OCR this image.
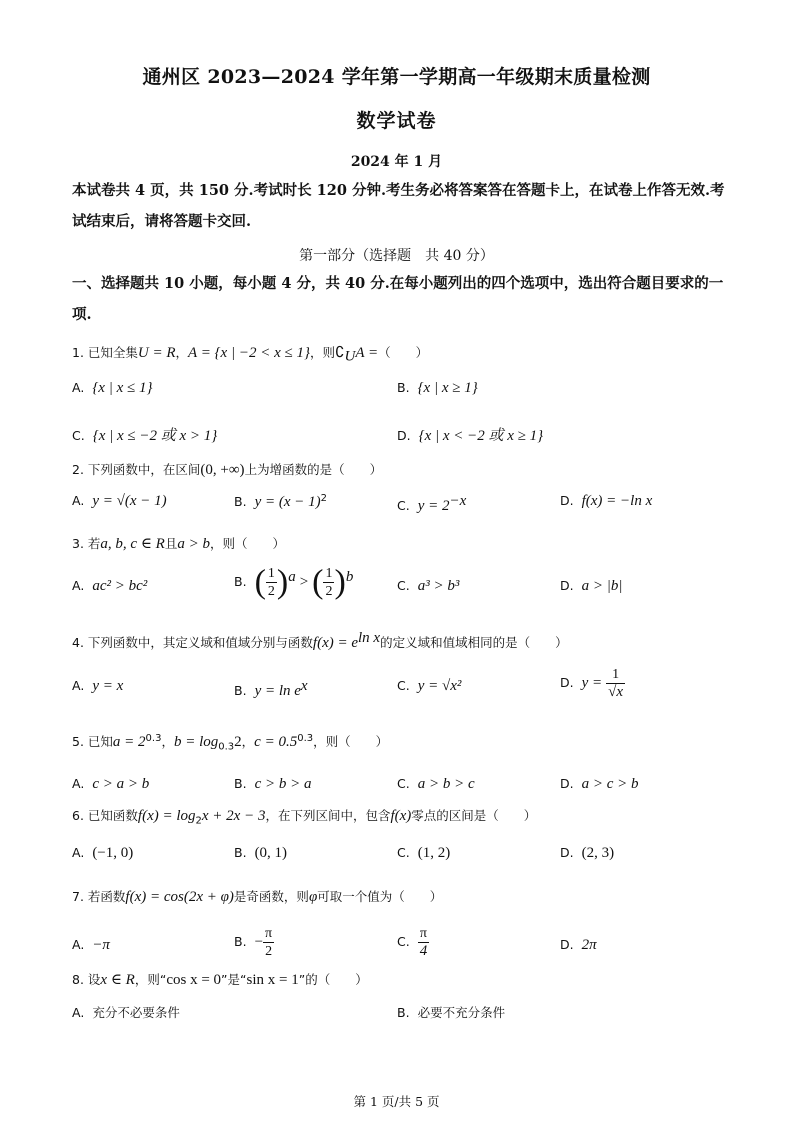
通州区 2023—2024 学年第一学期高一年级期末质量检测
数学试卷
2024 年 1 月

本试卷共 4 页，共 150 分.考试时长 120 分钟.考生务必将答案答在答题卡上，在试卷上作答无效.考试结束后，请将答题卡交回.

第一部分（选择题　共 40 分）

一、选择题共 10 小题，每小题 4 分，共 40 分.在每小题列出的四个选项中，选出符合题目要求的一项.

1. 已知全集U = R，A = {x | −2 < x ≤ 1}，则$∁_UA$ =（　　）
A. {x | x ≤ 1}	B. {x | x ≥ 1}
C. {x | x ≤ −2 或 x > 1}	D. {x | x < −2 或 x ≥ 1}
2. 下列函数中，在区间(0, +∞)上为增函数的是（　　）
A. y = √(x − 1)	B. $y = (x - 1)^2$	C. $y = 2^{-x}$	D. f(x) = −ln x
3. 若a, b, c ∈ R且a > b，则（　　）
A. ac² > bc²	B. ( $\frac{1}{2} )^a$ > ( $\frac{1}{2} )^b$
C. a³ > b³	D. a > |b|
4. 下列函数中，其定义域和值域分别与函数$f(x) = e^{ln x}$的定义域和值域相同的是（　　）
A. y = x	B. $y = \ln e^x$	C. y = √x²	D. $y = \frac{1}{√x}$
5. 已知$a = 2^{0.3}$，$b = \log_{0.3}2$，$c = 0.5^{0.3}$，则（　　）
A. c > a > b	B. c > b > a	C. a > b > c	D. a > c > b
6. 已知函数$f(x) = \log_2x + 2x - 3$，在下列区间中，包含f(x)零点的区间是（　　）
A. (−1, 0)	B. (0, 1)	C. (1, 2)	D. (2, 3)
7. 若函数f(x) = cos(2x + φ)是奇函数，则φ可取一个值为（　　）
A. −π	B. − $\frac{\pi}{2}$	C. $\frac{\pi}{4}$	D. 2π
8. 设x ∈ R，则“cos x = 0”是“sin x = 1”的（　　）
A. 充分不必要条件	B. 必要不充分条件
第 1 页/共 5 页
